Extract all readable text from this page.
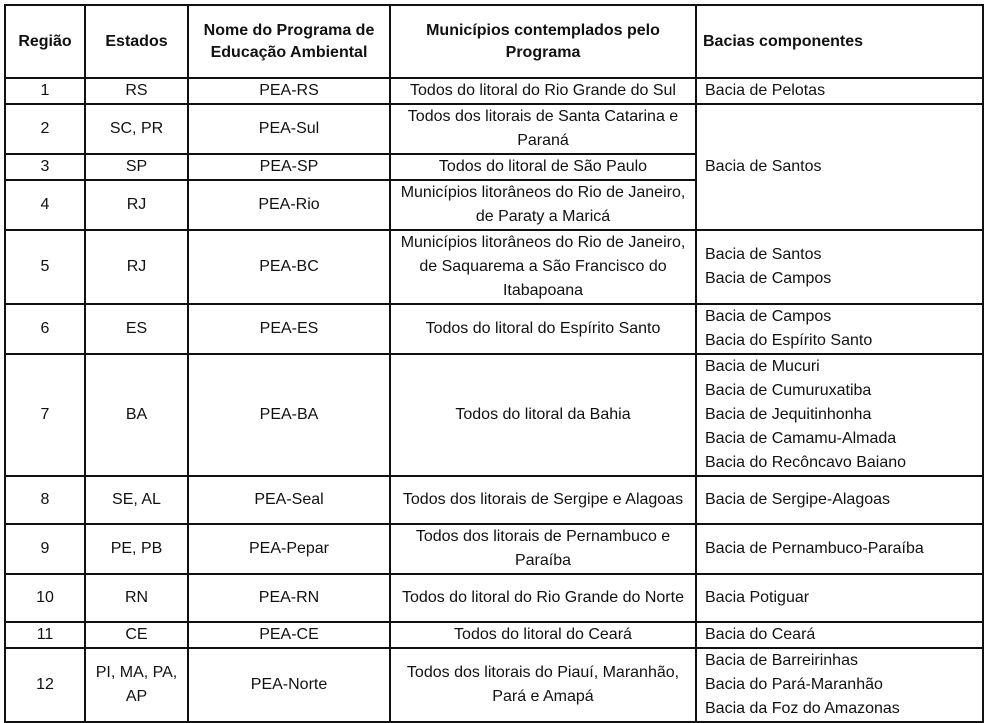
Região	Estados	Nome do Programa de Educação Ambiental	Municípios contemplados pelo Programa	Bacias componentes
1	RS	PEA-RS	Todos do litoral do Rio Grande do Sul	Bacia de Pelotas

2	SC, PR	PEA-Sul	Todos dos litorais de Santa Catarina e Paraná	Bacia de Santos

3	SP	PEA-SP	Todos do litoral de São Paulo	
4	RJ	PEA-Rio	Municípios litorâneos do Rio de Janeiro, de Paraty a Maricá	
5	RJ	PEA-BC	Municípios litorâneos do Rio de Janeiro, de Saquarema a São Francisco do Itabapoana	Bacia de Santos
Bacia de Campos

6	ES	PEA-ES	Todos do litoral do Espírito Santo	Bacia de Campos
Bacia do Espírito Santo

7	BA	PEA-BA	Todos do litoral da Bahia	Bacia de Mucuri
Bacia de Cumuruxatiba
Bacia de Jequitinhonha
Bacia de Camamu-Almada
Bacia do Recôncavo Baiano

8	SE, AL	PEA-Seal	Todos dos litorais de Sergipe e Alagoas	Bacia de Sergipe-Alagoas

9	PE, PB	PEA-Pepar	Todos dos litorais de Pernambuco e Paraíba	Bacia de Pernambuco-Paraíba

10	RN	PEA-RN	Todos do litoral do Rio Grande do Norte	Bacia Potiguar

11	CE	PEA-CE	Todos do litoral do Ceará	Bacia do Ceará

12	PI, MA, PA, AP	PEA-Norte	Todos dos litorais do Piauí, Maranhão, Pará e Amapá	Bacia de Barreirinhas
Bacia do Pará-Maranhão
Bacia da Foz do Amazonas
